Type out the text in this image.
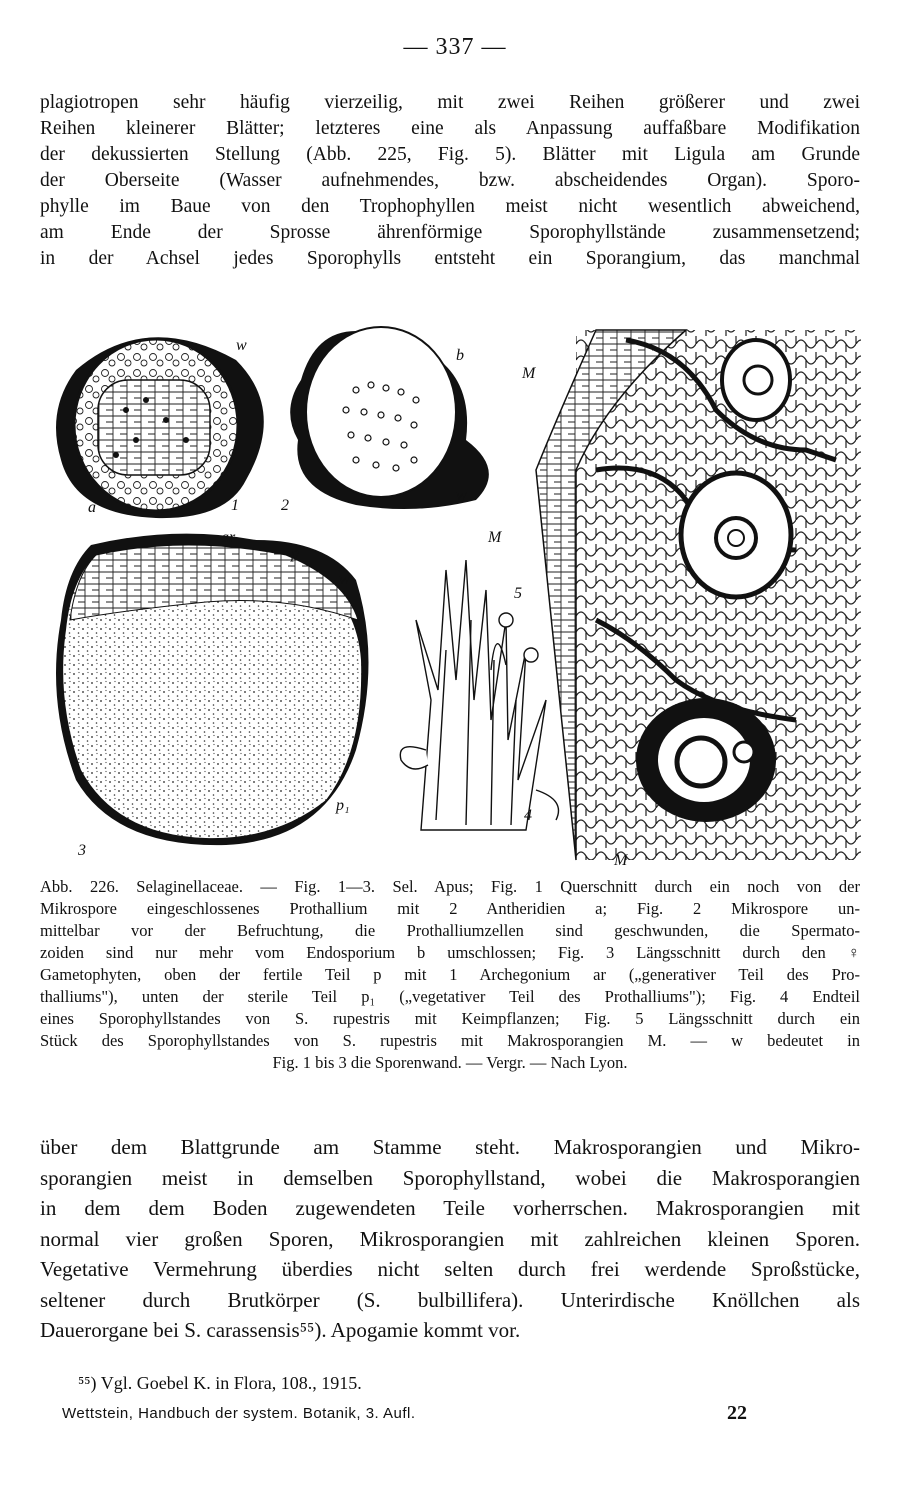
— 337 —
plagiotropen sehr häufig vierzeilig, mit zwei Reihen größerer und zwei
Reihen kleinerer Blätter; letzteres eine als Anpassung auffaßbare Modifikation
der dekussierten Stellung (Abb. 225, Fig. 5). Blätter mit Ligula am Grunde
der Oberseite (Wasser aufnehmendes, bzw. abscheidendes Organ). Sporo-
phylle im Baue von den Trophophyllen meist nicht wesentlich abweichend,
am Ende der Sprosse ährenförmige Sporophyllstände zusammensetzend;
in der Achsel jedes Sporophylls entsteht ein Sporangium, das manchmal
w
1
a
b
2
w
ar
p
w
p₁
3
5
4
M
M
M
Abb. 226. Selaginellaceae. — Fig. 1—3. Sel. Apus; Fig. 1 Querschnitt durch ein noch von der
Mikrospore eingeschlossenes Prothallium mit 2 Antheridien a; Fig. 2 Mikrospore un-
mittelbar vor der Befruchtung, die Prothalliumzellen sind geschwunden, die Spermato-
zoiden sind nur mehr vom Endosporium b umschlossen; Fig. 3 Längsschnitt durch den ♀
Gametophyten, oben der fertile Teil p mit 1 Archegonium ar („generativer Teil des Pro-
thalliums"), unten der sterile Teil p₁ („vegetativer Teil des Prothalliums"); Fig. 4 Endteil
eines Sporophyllstandes von S. rupestris mit Keimpflanzen; Fig. 5 Längsschnitt durch ein
Stück des Sporophyllstandes von S. rupestris mit Makrosporangien M. — w bedeutet in
Fig. 1 bis 3 die Sporenwand. — Vergr. — Nach Lyon.
über dem Blattgrunde am Stamme steht. Makrosporangien und Mikro-
sporangien meist in demselben Sporophyllstand, wobei die Makrosporangien
in dem dem Boden zugewendeten Teile vorherrschen. Makrosporangien mit
normal vier großen Sporen, Mikrosporangien mit zahlreichen kleinen Sporen.
Vegetative Vermehrung überdies nicht selten durch frei werdende Sproßstücke,
seltener durch Brutkörper (S. bulbillifera). Unterirdische Knöllchen als
Dauerorgane bei S. carassensis⁵⁵). Apogamie kommt vor.
⁵⁵) Vgl. Goebel K. in Flora, 108., 1915.
Wettstein, Handbuch der system. Botanik, 3. Aufl.	22
